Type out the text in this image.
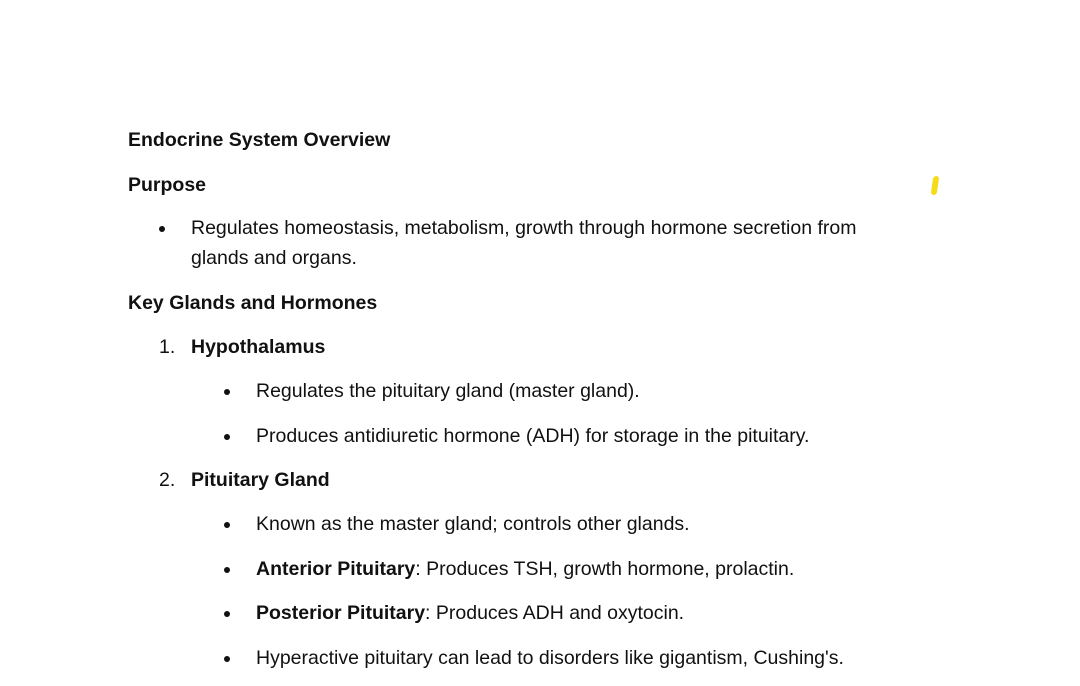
Endocrine System Overview
Purpose
Regulates homeostasis, metabolism, growth through hormone secretion from glands and organs.
Key Glands and Hormones
1. Hypothalamus
Regulates the pituitary gland (master gland).
Produces antidiuretic hormone (ADH) for storage in the pituitary.
2. Pituitary Gland
Known as the master gland; controls other glands.
Anterior Pituitary: Produces TSH, growth hormone, prolactin.
Posterior Pituitary: Produces ADH and oxytocin.
Hyperactive pituitary can lead to disorders like gigantism, Cushing's.
